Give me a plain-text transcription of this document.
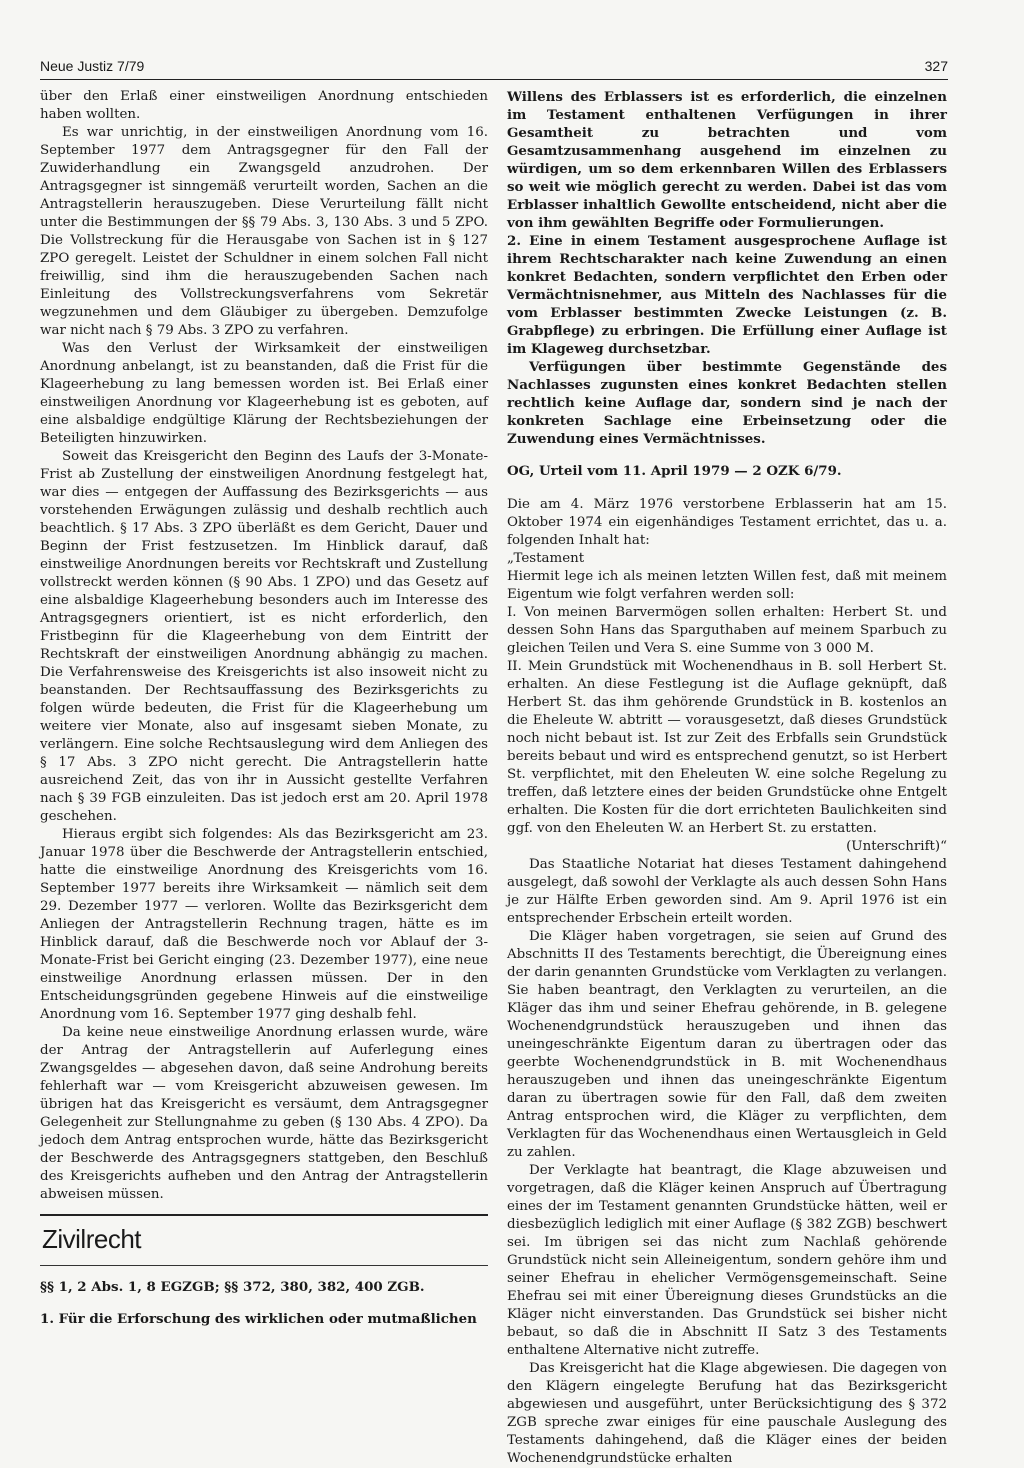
Neue Justiz 7/79	327

über den Erlaß einer einstweiligen Anordnung entschieden haben wollten.

Es war unrichtig, in der einstweiligen Anordnung vom 16. September 1977 dem Antragsgegner für den Fall der Zuwiderhandlung ein Zwangsgeld anzudrohen. Der Antragsgegner ist sinngemäß verurteilt worden, Sachen an die Antragstellerin herauszugeben. Diese Verurteilung fällt nicht unter die Bestimmungen der §§ 79 Abs. 3, 130 Abs. 3 und 5 ZPO. Die Vollstreckung für die Herausgabe von Sachen ist in § 127 ZPO geregelt. Leistet der Schuldner in einem solchen Fall nicht freiwillig, sind ihm die herauszugebenden Sachen nach Einleitung des Vollstreckungsverfahrens vom Sekretär wegzunehmen und dem Gläubiger zu übergeben. Demzufolge war nicht nach § 79 Abs. 3 ZPO zu verfahren.

Was den Verlust der Wirksamkeit der einstweiligen Anordnung anbelangt, ist zu beanstanden, daß die Frist für die Klageerhebung zu lang bemessen worden ist. Bei Erlaß einer einstweiligen Anordnung vor Klageerhebung ist es geboten, auf eine alsbaldige endgültige Klärung der Rechtsbeziehungen der Beteiligten hinzuwirken.

Soweit das Kreisgericht den Beginn des Laufs der 3-Monate-Frist ab Zustellung der einstweiligen Anordnung festgelegt hat, war dies — entgegen der Auffassung des Bezirksgerichts — aus vorstehenden Erwägungen zulässig und deshalb rechtlich auch beachtlich. § 17 Abs. 3 ZPO überläßt es dem Gericht, Dauer und Beginn der Frist festzusetzen. Im Hinblick darauf, daß einstweilige Anordnungen bereits vor Rechtskraft und Zustellung vollstreckt werden können (§ 90 Abs. 1 ZPO) und das Gesetz auf eine alsbaldige Klageerhebung besonders auch im Interesse des Antragsgegners orientiert, ist es nicht erforderlich, den Fristbeginn für die Klageerhebung von dem Eintritt der Rechtskraft der einstweiligen Anordnung abhängig zu machen. Die Verfahrensweise des Kreisgerichts ist also insoweit nicht zu beanstanden. Der Rechtsauffassung des Bezirksgerichts zu folgen würde bedeuten, die Frist für die Klageerhebung um weitere vier Monate, also auf insgesamt sieben Monate, zu verlängern. Eine solche Rechtsauslegung wird dem Anliegen des § 17 Abs. 3 ZPO nicht gerecht. Die Antragstellerin hatte ausreichend Zeit, das von ihr in Aussicht gestellte Verfahren nach § 39 FGB einzuleiten. Das ist jedoch erst am 20. April 1978 geschehen.

Hieraus ergibt sich folgendes: Als das Bezirksgericht am 23. Januar 1978 über die Beschwerde der Antragstellerin entschied, hatte die einstweilige Anordnung des Kreisgerichts vom 16. September 1977 bereits ihre Wirksamkeit — nämlich seit dem 29. Dezember 1977 — verloren. Wollte das Bezirksgericht dem Anliegen der Antragstellerin Rechnung tragen, hätte es im Hinblick darauf, daß die Beschwerde noch vor Ablauf der 3-Monate-Frist bei Gericht einging (23. Dezember 1977), eine neue einstweilige Anordnung erlassen müssen. Der in den Entscheidungsgründen gegebene Hinweis auf die einstweilige Anordnung vom 16. September 1977 ging deshalb fehl.

Da keine neue einstweilige Anordnung erlassen wurde, wäre der Antrag der Antragstellerin auf Auferlegung eines Zwangsgeldes — abgesehen davon, daß seine Androhung bereits fehlerhaft war — vom Kreisgericht abzuweisen gewesen. Im übrigen hat das Kreisgericht es versäumt, dem Antragsgegner Gelegenheit zur Stellungnahme zu geben (§ 130 Abs. 4 ZPO). Da jedoch dem Antrag entsprochen wurde, hätte das Bezirksgericht der Beschwerde des Antragsgegners stattgeben, den Beschluß des Kreisgerichts aufheben und den Antrag der Antragstellerin abweisen müssen.

Zivilrecht

§§ 1, 2 Abs. 1, 8 EGZGB; §§ 372, 380, 382, 400 ZGB.

1. Für die Erforschung des wirklichen oder mutmaßlichen

Willens des Erblassers ist es erforderlich, die einzelnen im Testament enthaltenen Verfügungen in ihrer Gesamtheit zu betrachten und vom Gesamtzusammenhang ausgehend im einzelnen zu würdigen, um so dem erkennbaren Willen des Erblassers so weit wie möglich gerecht zu werden. Dabei ist das vom Erblasser inhaltlich Gewollte entscheidend, nicht aber die von ihm gewählten Begriffe oder Formulierungen.

2. Eine in einem Testament ausgesprochene Auflage ist ihrem Rechtscharakter nach keine Zuwendung an einen konkret Bedachten, sondern verpflichtet den Erben oder Vermächtnisnehmer, aus Mitteln des Nachlasses für die vom Erblasser bestimmten Zwecke Leistungen (z. B. Grabpflege) zu erbringen. Die Erfüllung einer Auflage ist im Klageweg durchsetzbar.

Verfügungen über bestimmte Gegenstände des Nachlasses zugunsten eines konkret Bedachten stellen rechtlich keine Auflage dar, sondern sind je nach der konkreten Sachlage eine Erbeinsetzung oder die Zuwendung eines Vermächtnisses.

OG, Urteil vom 11. April 1979 — 2 OZK 6/79.

Die am 4. März 1976 verstorbene Erblasserin hat am 15. Oktober 1974 ein eigenhändiges Testament errichtet, das u. a. folgenden Inhalt hat:

„Testament

Hiermit lege ich als meinen letzten Willen fest, daß mit meinem Eigentum wie folgt verfahren werden soll:

I. Von meinen Barvermögen sollen erhalten: Herbert St. und dessen Sohn Hans das Sparguthaben auf meinem Sparbuch zu gleichen Teilen und Vera S. eine Summe von 3 000 M.

II. Mein Grundstück mit Wochenendhaus in B. soll Herbert St. erhalten. An diese Festlegung ist die Auflage geknüpft, daß Herbert St. das ihm gehörende Grundstück in B. kostenlos an die Eheleute W. abtritt — vorausgesetzt, daß dieses Grundstück noch nicht bebaut ist. Ist zur Zeit des Erbfalls sein Grundstück bereits bebaut und wird es entsprechend genutzt, so ist Herbert St. verpflichtet, mit den Eheleuten W. eine solche Regelung zu treffen, daß letztere eines der beiden Grundstücke ohne Entgelt erhalten. Die Kosten für die dort errichteten Baulichkeiten sind ggf. von den Eheleuten W. an Herbert St. zu erstatten.

(Unterschrift)“

Das Staatliche Notariat hat dieses Testament dahingehend ausgelegt, daß sowohl der Verklagte als auch dessen Sohn Hans je zur Hälfte Erben geworden sind. Am 9. April 1976 ist ein entsprechender Erbschein erteilt worden.

Die Kläger haben vorgetragen, sie seien auf Grund des Abschnitts II des Testaments berechtigt, die Übereignung eines der darin genannten Grundstücke vom Verklagten zu verlangen. Sie haben beantragt, den Verklagten zu verurteilen, an die Kläger das ihm und seiner Ehefrau gehörende, in B. gelegene Wochenendgrundstück herauszugeben und ihnen das uneingeschränkte Eigentum daran zu übertragen oder das geerbte Wochenendgrundstück in B. mit Wochenendhaus herauszugeben und ihnen das uneingeschränkte Eigentum daran zu übertragen sowie für den Fall, daß dem zweiten Antrag entsprochen wird, die Kläger zu verpflichten, dem Verklagten für das Wochenendhaus einen Wertausgleich in Geld zu zahlen.

Der Verklagte hat beantragt, die Klage abzuweisen und vorgetragen, daß die Kläger keinen Anspruch auf Übertragung eines der im Testament genannten Grundstücke hätten, weil er diesbezüglich lediglich mit einer Auflage (§ 382 ZGB) beschwert sei. Im übrigen sei das nicht zum Nachlaß gehörende Grundstück nicht sein Alleineigentum, sondern gehöre ihm und seiner Ehefrau in ehelicher Vermögensgemeinschaft. Seine Ehefrau sei mit einer Übereignung dieses Grundstücks an die Kläger nicht einverstanden. Das Grundstück sei bisher nicht bebaut, so daß die in Abschnitt II Satz 3 des Testaments enthaltene Alternative nicht zutreffe.

Das Kreisgericht hat die Klage abgewiesen. Die dagegen von den Klägern eingelegte Berufung hat das Bezirksgericht abgewiesen und ausgeführt, unter Berücksichtigung des § 372 ZGB spreche zwar einiges für eine pauschale Auslegung des Testaments dahingehend, daß die Kläger eines der beiden Wochenendgrundstücke erhalten
